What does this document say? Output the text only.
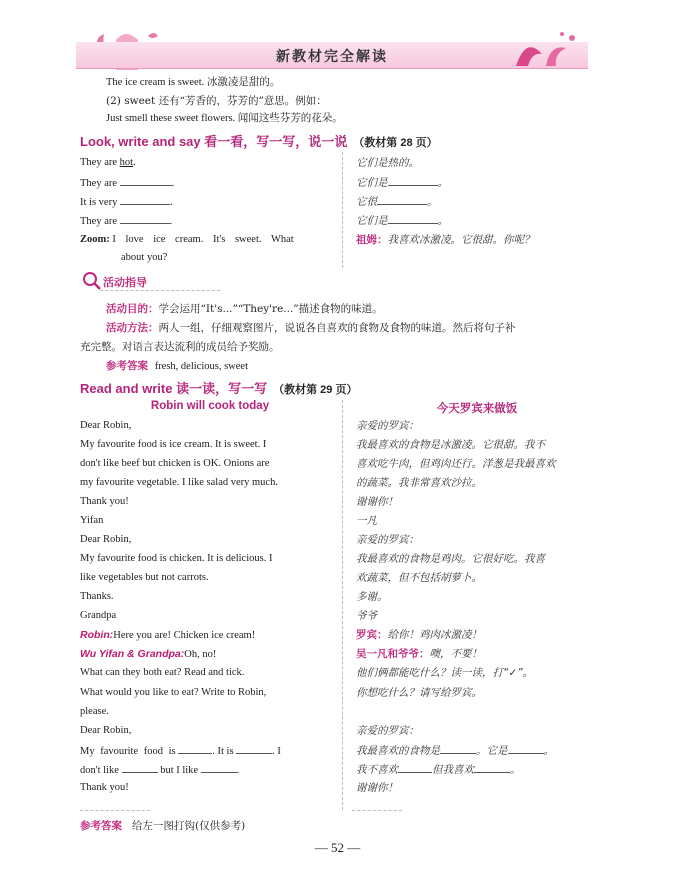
新教材完全解读
The ice cream is sweet. 冰激凌是甜的。
(2) sweet 还有“芳香的，芬芳的”意思。例如：
Just smell these sweet flowers. 闻闻这些芬芳的花朵。
Look, write and say 看一看，写一写，说一说 （教材第 28 页）
They are hot.
They are	.
It is very	.
They are	.
Zoom: I love ice cream. It's sweet. What
about you?
它们是热的。
它们是	。
它很	。
它们是	。
祖姆：我喜欢冰激凌。它很甜。你呢？
活动指导
活动目的：学会运用“It's...”“They're...”描述食物的味道。
活动方法：两人一组，仔细观察图片，说说各自喜欢的食物及食物的味道。然后将句子补
充完整。对语言表达流利的成员给予奖励。
参考答案 fresh, delicious, sweet
Read and write 读一读，写一写 （教材第 29 页）
Robin will cook today	今天罗宾来做饭
Dear Robin,
My favourite food is ice cream. It is sweet. I
don't like beef but chicken is OK. Onions are
my favourite vegetable. I like salad very much.
Thank you!
Yifan
Dear Robin,
My favourite food is chicken. It is delicious. I
like vegetables but not carrots.
Thanks.
Grandpa
亲爱的罗宾：
我最喜欢的食物是冰激凌。它很甜。我不
喜欢吃牛肉，但鸡肉还行。洋葱是我最喜欢
的蔬菜。我非常喜欢沙拉。
谢谢你！
一凡
亲爱的罗宾：
我最喜欢的食物是鸡肉。它很好吃。我喜
欢蔬菜，但不包括胡萝卜。
多谢。
爷爷
Robin:Here you are! Chicken ice cream!
Wu Yifan & Grandpa:Oh, no!
What can they both eat? Read and tick.
What would you like to eat? Write to Robin,
please.
Dear Robin,
My favourite food is	. It is	. I
don't like	but I like	.
Thank you!
罗宾：给你！鸡肉冰激凌！
吴一凡和爷爷：噢，不要！
他们俩都能吃什么？读一读，打“✓”。
你想吃什么？请写给罗宾。
亲爱的罗宾：
我最喜欢的食物是	。它是	。
我不喜欢	但我喜欢	。
谢谢你！
参考答案 给左一图打钩(仅供参考)
— 52 —
